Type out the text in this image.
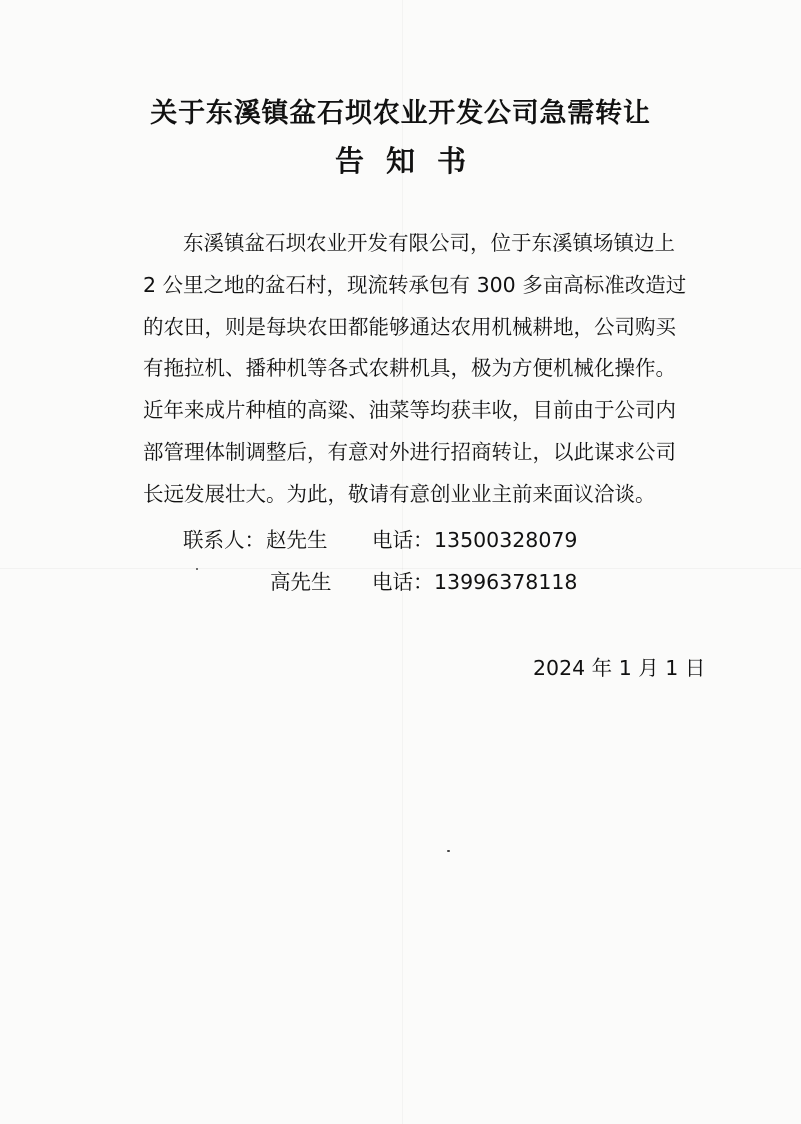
关于东溪镇盆石坝农业开发公司急需转让
告知书
东溪镇盆石坝农业开发有限公司，位于东溪镇场镇边上
2 公里之地的盆石村，现流转承包有 300 多亩高标准改造过
的农田，则是每块农田都能够通达农用机械耕地，公司购买
有拖拉机、播种机等各式农耕机具，极为方便机械化操作。
近年来成片种植的高粱、油菜等均获丰收，目前由于公司内
部管理体制调整后，有意对外进行招商转让，以此谋求公司
长远发展壮大。为此，敬请有意创业业主前来面议洽谈。
联系人： 赵先生 电话： 13500328079
高先生 电话： 13996378118
2024 年 1 月 1 日
